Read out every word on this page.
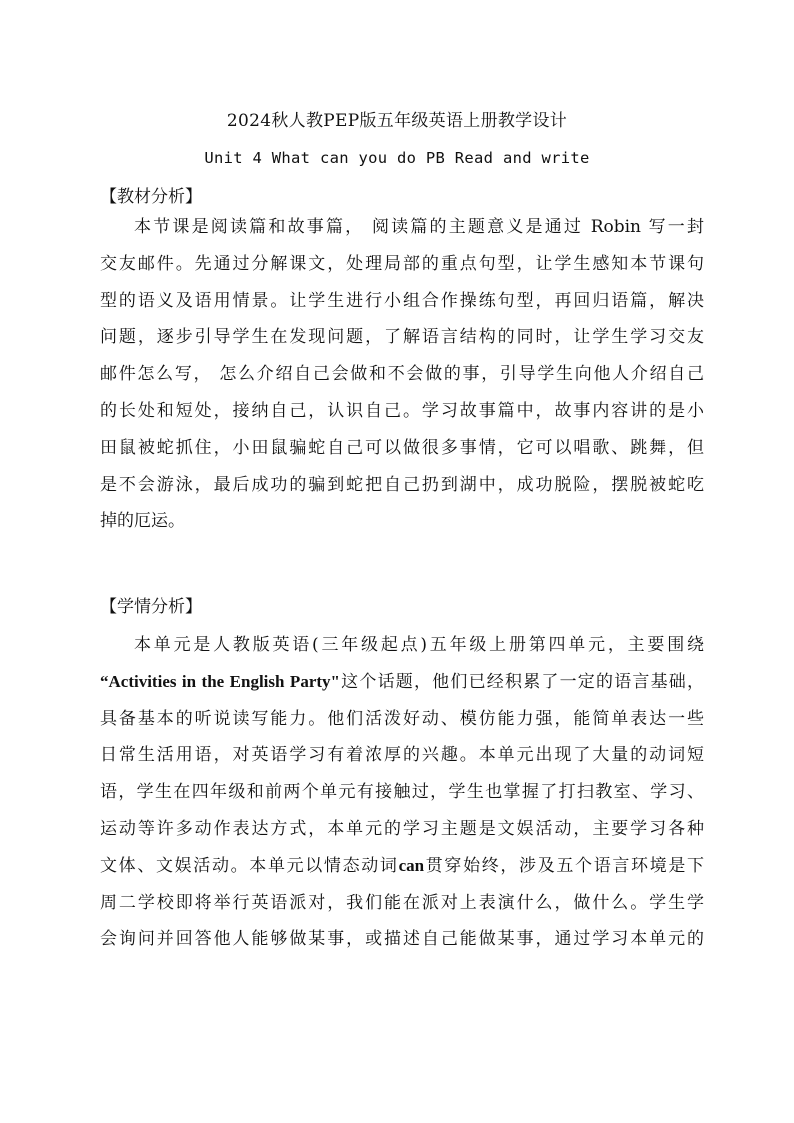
2024秋人教PEP版五年级英语上册教学设计
Unit 4 What can you do PB Read and write
【教材分析】
本节课是阅读篇和故事篇， 阅读篇的主题意义是通过 Robin 写一封
交友邮件。先通过分解课文，处理局部的重点句型，让学生感知本节课句
型的语义及语用情景。让学生进行小组合作操练句型，再回归语篇，解决
问题，逐步引导学生在发现问题，了解语言结构的同时，让学生学习交友
邮件怎么写， 怎么介绍自己会做和不会做的事，引导学生向他人介绍自己
的长处和短处，接纳自己，认识自己。学习故事篇中，故事内容讲的是小
田鼠被蛇抓住，小田鼠骗蛇自己可以做很多事情，它可以唱歌、跳舞，但
是不会游泳，最后成功的骗到蛇把自己扔到湖中，成功脱险，摆脱被蛇吃
掉的厄运。
【学情分析】
本单元是人教版英语(三年级起点)五年级上册第四单元，主要围绕
“Activities in the English Party"这个话题，他们已经积累了一定的语言基础，
具备基本的听说读写能力。他们活泼好动、模仿能力强，能简单表达一些
日常生活用语，对英语学习有着浓厚的兴趣。本单元出现了大量的动词短
语，学生在四年级和前两个单元有接触过，学生也掌握了打扫教室、学习、
运动等许多动作表达方式，本单元的学习主题是文娱活动，主要学习各种
文体、文娱活动。本单元以情态动词can贯穿始终，涉及五个语言环境是下
周二学校即将举行英语派对，我们能在派对上表演什么，做什么。学生学
会询问并回答他人能够做某事，或描述自己能做某事，通过学习本单元的
